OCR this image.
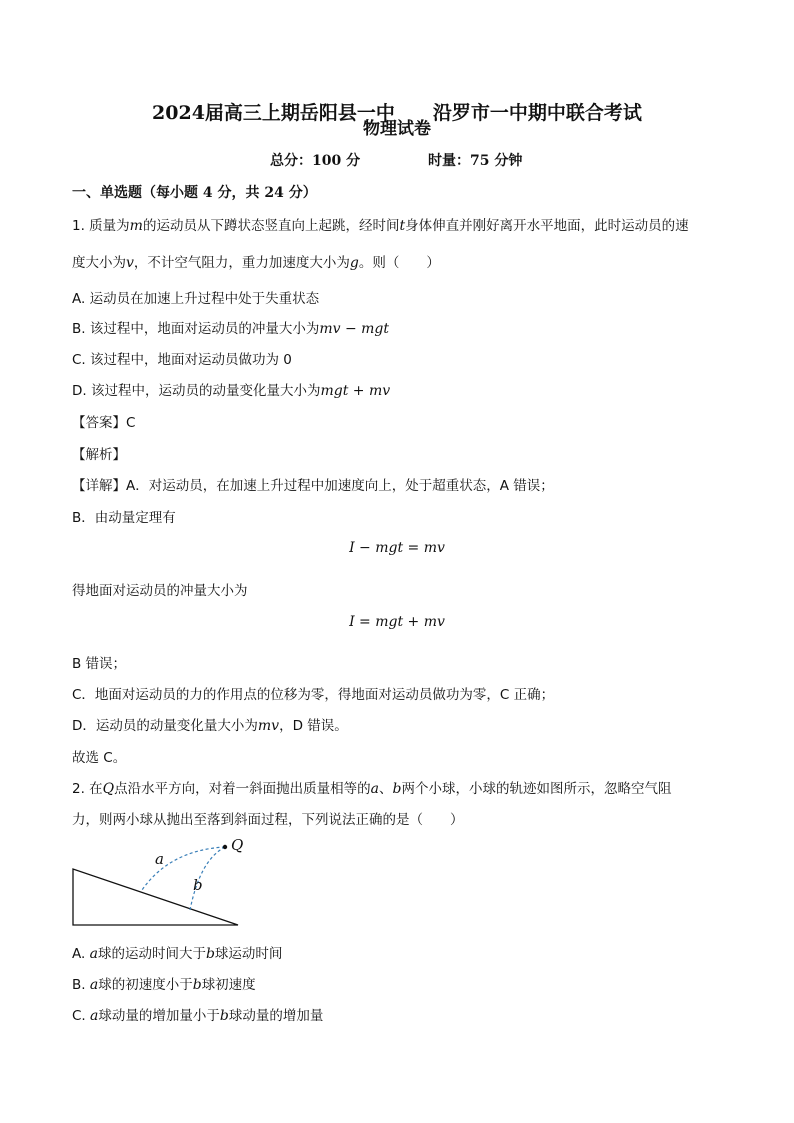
2024届高三上期岳阳县一中　　沿罗市一中期中联合考试
物理试卷
总分：100 分	时量：75 分钟
一、单选题（每小题 4 分，共 24 分）
1. 质量为m的运动员从下蹲状态竖直向上起跳，经时间t身体伸直并刚好离开水平地面，此时运动员的速
度大小为v，不计空气阻力，重力加速度大小为g。则（　　）
A. 运动员在加速上升过程中处于失重状态
B. 该过程中，地面对运动员的冲量大小为mv − mgt
C. 该过程中，地面对运动员做功为 0
D. 该过程中，运动员的动量变化量大小为mgt + mv
【答案】C
【解析】
【详解】A．对运动员，在加速上升过程中加速度向上，处于超重状态，A 错误；
B．由动量定理有
I − mgt = mv
得地面对运动员的冲量大小为
I = mgt + mv
B 错误；
C．地面对运动员的力的作用点的位移为零，得地面对运动员做功为零，C 正确；
D．运动员的动量变化量大小为mv，D 错误。
故选 C。
2. 在Q点沿水平方向，对着一斜面抛出质量相等的a、b两个小球，小球的轨迹如图所示，忽略空气阻
力，则两小球从抛出至落到斜面过程，下列说法正确的是（　　）
a
b
Q
A. a球的运动时间大于b球运动时间
B. a球的初速度小于b球初速度
C. a球动量的增加量小于b球动量的增加量
